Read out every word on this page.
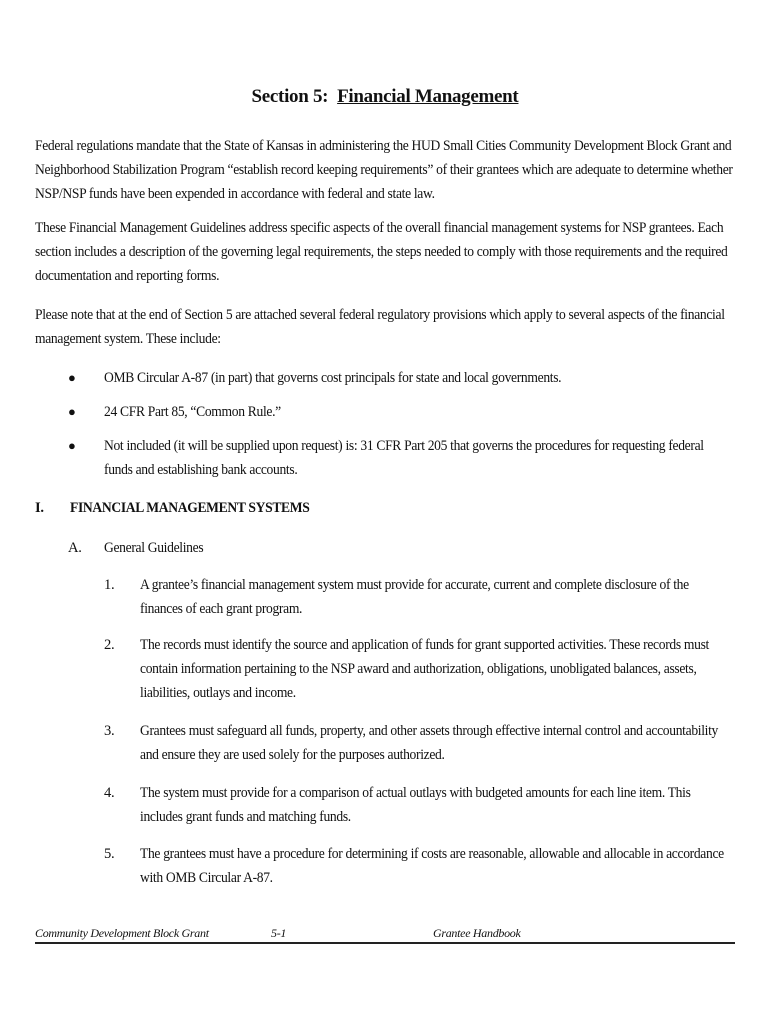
Section 5: Financial Management
Federal regulations mandate that the State of Kansas in administering the HUD Small Cities Community Development Block Grant and Neighborhood Stabilization Program “establish record keeping requirements” of their grantees which are adequate to determine whether NSP/NSP funds have been expended in accordance with federal and state law.
These Financial Management Guidelines address specific aspects of the overall financial management systems for NSP grantees. Each section includes a description of the governing legal requirements, the steps needed to comply with those requirements and the required documentation and reporting forms.
Please note that at the end of Section 5 are attached several federal regulatory provisions which apply to several aspects of the financial management system. These include:
● OMB Circular A-87 (in part) that governs cost principals for state and local governments.
● 24 CFR Part 85, “Common Rule.”
● Not included (it will be supplied upon request) is: 31 CFR Part 205 that governs the procedures for requesting federal funds and establishing bank accounts.
I. FINANCIAL MANAGEMENT SYSTEMS
A. General Guidelines
1. A grantee’s financial management system must provide for accurate, current and complete disclosure of the finances of each grant program.
2. The records must identify the source and application of funds for grant supported activities. These records must contain information pertaining to the NSP award and authorization, obligations, unobligated balances, assets, liabilities, outlays and income.
3. Grantees must safeguard all funds, property, and other assets through effective internal control and accountability and ensure they are used solely for the purposes authorized.
4. The system must provide for a comparison of actual outlays with budgeted amounts for each line item. This includes grant funds and matching funds.
5. The grantees must have a procedure for determining if costs are reasonable, allowable and allocable in accordance with OMB Circular A-87.
Community Development Block Grant	5-1	Grantee Handbook
